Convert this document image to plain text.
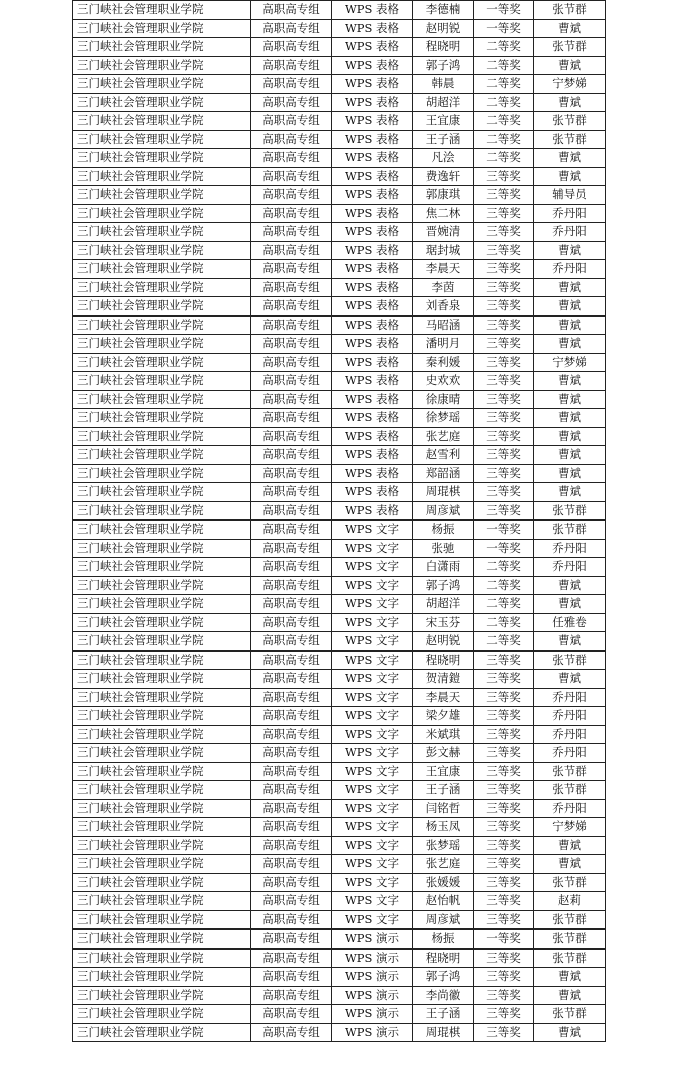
三门峡社会管理职业学院	高职高专组	WPS 表格	李德楠	一等奖	张节群
三门峡社会管理职业学院	高职高专组	WPS 表格	赵明锐	一等奖	曹斌
三门峡社会管理职业学院	高职高专组	WPS 表格	程晓明	二等奖	张节群
三门峡社会管理职业学院	高职高专组	WPS 表格	郭子鸿	二等奖	曹斌
三门峡社会管理职业学院	高职高专组	WPS 表格	韩晨	二等奖	宁梦娣
三门峡社会管理职业学院	高职高专组	WPS 表格	胡超洋	二等奖	曹斌
三门峡社会管理职业学院	高职高专组	WPS 表格	王宜康	二等奖	张节群
三门峡社会管理职业学院	高职高专组	WPS 表格	王子涵	二等奖	张节群
三门峡社会管理职业学院	高职高专组	WPS 表格	凡浍	二等奖	曹斌
三门峡社会管理职业学院	高职高专组	WPS 表格	费逸轩	三等奖	曹斌
三门峡社会管理职业学院	高职高专组	WPS 表格	郭康琪	三等奖	辅导员
三门峡社会管理职业学院	高职高专组	WPS 表格	焦二林	三等奖	乔丹阳
三门峡社会管理职业学院	高职高专组	WPS 表格	晋婉清	三等奖	乔丹阳
三门峡社会管理职业学院	高职高专组	WPS 表格	琚封城	三等奖	曹斌
三门峡社会管理职业学院	高职高专组	WPS 表格	李晨天	三等奖	乔丹阳
三门峡社会管理职业学院	高职高专组	WPS 表格	李茵	三等奖	曹斌
三门峡社会管理职业学院	高职高专组	WPS 表格	刘香泉	三等奖	曹斌
三门峡社会管理职业学院	高职高专组	WPS 表格	马昭涵	三等奖	曹斌
三门峡社会管理职业学院	高职高专组	WPS 表格	潘明月	三等奖	曹斌
三门峡社会管理职业学院	高职高专组	WPS 表格	秦利媛	三等奖	宁梦娣
三门峡社会管理职业学院	高职高专组	WPS 表格	史欢欢	三等奖	曹斌
三门峡社会管理职业学院	高职高专组	WPS 表格	徐康晴	三等奖	曹斌
三门峡社会管理职业学院	高职高专组	WPS 表格	徐梦瑶	三等奖	曹斌
三门峡社会管理职业学院	高职高专组	WPS 表格	张艺庭	三等奖	曹斌
三门峡社会管理职业学院	高职高专组	WPS 表格	赵雪利	三等奖	曹斌
三门峡社会管理职业学院	高职高专组	WPS 表格	郑韶涵	三等奖	曹斌
三门峡社会管理职业学院	高职高专组	WPS 表格	周琨棋	三等奖	曹斌
三门峡社会管理职业学院	高职高专组	WPS 表格	周彦斌	三等奖	张节群
三门峡社会管理职业学院	高职高专组	WPS 文字	杨振	一等奖	张节群
三门峡社会管理职业学院	高职高专组	WPS 文字	张驰	一等奖	乔丹阳
三门峡社会管理职业学院	高职高专组	WPS 文字	白潇雨	二等奖	乔丹阳
三门峡社会管理职业学院	高职高专组	WPS 文字	郭子鸿	二等奖	曹斌
三门峡社会管理职业学院	高职高专组	WPS 文字	胡超洋	二等奖	曹斌
三门峡社会管理职业学院	高职高专组	WPS 文字	宋玉芬	二等奖	任雅卷
三门峡社会管理职业学院	高职高专组	WPS 文字	赵明锐	二等奖	曹斌
三门峡社会管理职业学院	高职高专组	WPS 文字	程晓明	三等奖	张节群
三门峡社会管理职业学院	高职高专组	WPS 文字	贺清鎧	三等奖	曹斌
三门峡社会管理职业学院	高职高专组	WPS 文字	李晨天	三等奖	乔丹阳
三门峡社会管理职业学院	高职高专组	WPS 文字	梁夕雄	三等奖	乔丹阳
三门峡社会管理职业学院	高职高专组	WPS 文字	米斌琪	三等奖	乔丹阳
三门峡社会管理职业学院	高职高专组	WPS 文字	彭文赫	三等奖	乔丹阳
三门峡社会管理职业学院	高职高专组	WPS 文字	王宜康	三等奖	张节群
三门峡社会管理职业学院	高职高专组	WPS 文字	王子涵	三等奖	张节群
三门峡社会管理职业学院	高职高专组	WPS 文字	闫铭哲	三等奖	乔丹阳
三门峡社会管理职业学院	高职高专组	WPS 文字	杨玉凤	三等奖	宁梦娣
三门峡社会管理职业学院	高职高专组	WPS 文字	张梦瑶	三等奖	曹斌
三门峡社会管理职业学院	高职高专组	WPS 文字	张艺庭	三等奖	曹斌
三门峡社会管理职业学院	高职高专组	WPS 文字	张媛媛	三等奖	张节群
三门峡社会管理职业学院	高职高专组	WPS 文字	赵怡帆	三等奖	赵莉
三门峡社会管理职业学院	高职高专组	WPS 文字	周彦斌	三等奖	张节群
三门峡社会管理职业学院	高职高专组	WPS 演示	杨振	一等奖	张节群
三门峡社会管理职业学院	高职高专组	WPS 演示	程晓明	三等奖	张节群
三门峡社会管理职业学院	高职高专组	WPS 演示	郭子鸿	三等奖	曹斌
三门峡社会管理职业学院	高职高专组	WPS 演示	李尚徽	三等奖	曹斌
三门峡社会管理职业学院	高职高专组	WPS 演示	王子涵	三等奖	张节群
三门峡社会管理职业学院	高职高专组	WPS 演示	周琨棋	三等奖	曹斌
